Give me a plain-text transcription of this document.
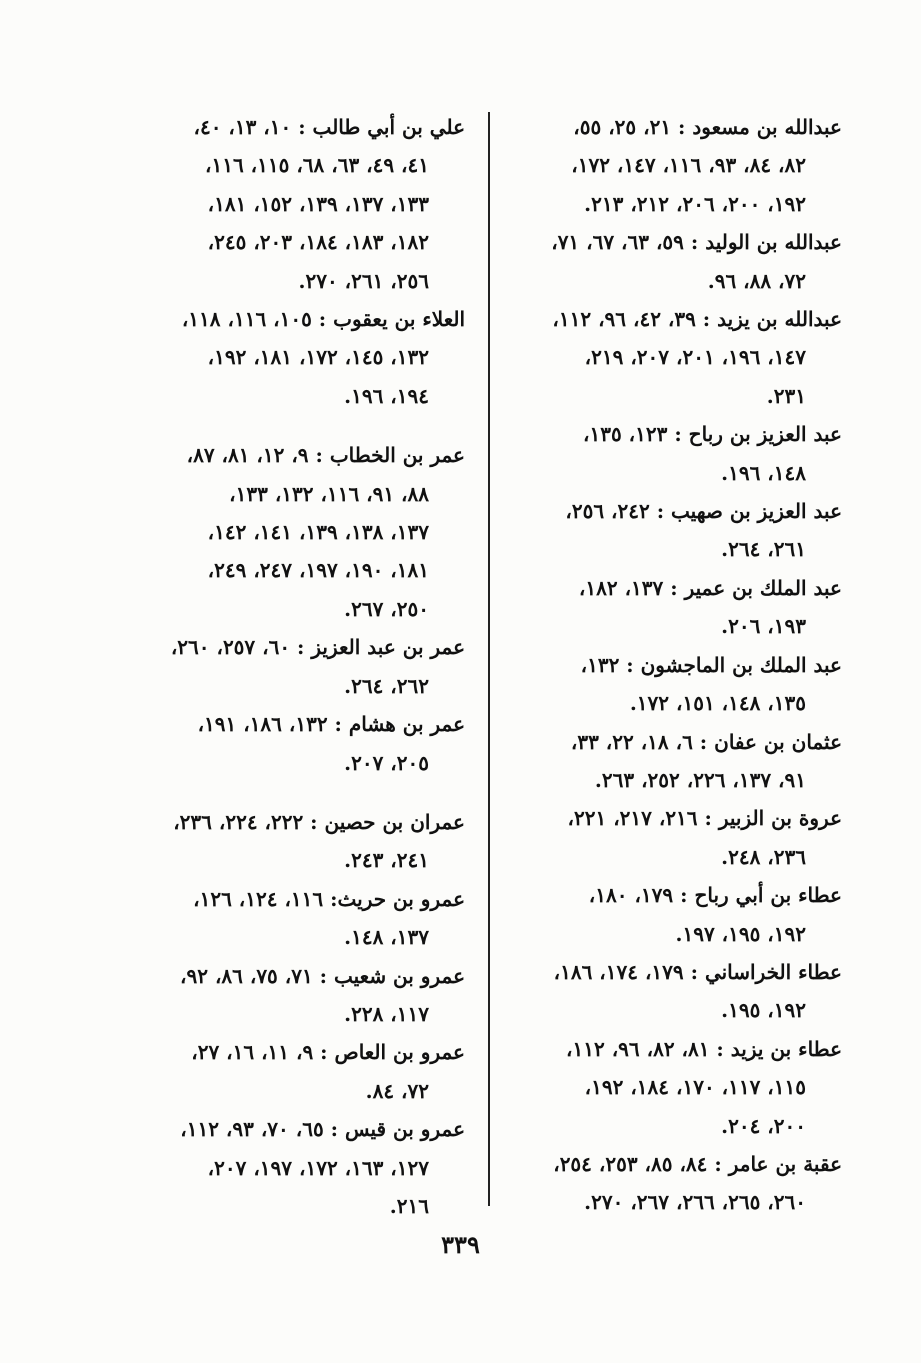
عبدالله بن مسعود : ٢١، ٢٥، ٥٥،
٨٢، ٨٤، ٩٣، ١١٦، ١٤٧، ١٧٢،
١٩٢، ٢٠٠، ٢٠٦، ٢١٢، ٢١٣.
عبدالله بن الوليد : ٥٩، ٦٣، ٦٧، ٧١،
٧٢، ٨٨، ٩٦.
عبدالله بن يزيد : ٣٩، ٤٢، ٩٦، ١١٢،
١٤٧، ١٩٦، ٢٠١، ٢٠٧، ٢١٩،
٢٣١.
عبد العزيز بن رباح : ١٢٣، ١٣٥،
١٤٨، ١٩٦.
عبد العزيز بن صهيب : ٢٤٢، ٢٥٦،
٢٦١، ٢٦٤.
عبد الملك بن عمير : ١٣٧، ١٨٢،
١٩٣، ٢٠٦.
عبد الملك بن الماجشون : ١٣٢،
١٣٥، ١٤٨، ١٥١، ١٧٢.
عثمان بن عفان : ٦، ١٨، ٢٢، ٣٣،
٩١، ١٣٧، ٢٢٦، ٢٥٢، ٢٦٣.
عروة بن الزبير : ٢١٦، ٢١٧، ٢٢١،
٢٣٦، ٢٤٨.
عطاء بن أبي رباح : ١٧٩، ١٨٠،
١٩٢، ١٩٥، ١٩٧.
عطاء الخراساني : ١٧٩، ١٧٤، ١٨٦،
١٩٢، ١٩٥.
عطاء بن يزيد : ٨١، ٨٢، ٩٦، ١١٢،
١١٥، ١١٧، ١٧٠، ١٨٤، ١٩٢،
٢٠٠، ٢٠٤.
عقبة بن عامر : ٨٤، ٨٥، ٢٥٣، ٢٥٤،
٢٦٠، ٢٦٥، ٢٦٦، ٢٦٧، ٢٧٠.
علي بن أبي طالب : ١٠، ١٣، ٤٠،
٤١، ٤٩، ٦٣، ٦٨، ١١٥، ١١٦،
١٣٣، ١٣٧، ١٣٩، ١٥٢، ١٨١،
١٨٢، ١٨٣، ١٨٤، ٢٠٣، ٢٤٥،
٢٥٦، ٢٦١، ٢٧٠.
العلاء بن يعقوب : ١٠٥، ١١٦، ١١٨،
١٣٢، ١٤٥، ١٧٢، ١٨١، ١٩٢،
١٩٤، ١٩٦.
عمر بن الخطاب : ٩، ١٢، ٨١، ٨٧،
٨٨، ٩١، ١١٦، ١٣٢، ١٣٣،
١٣٧، ١٣٨، ١٣٩، ١٤١، ١٤٢،
١٨١، ١٩٠، ١٩٧، ٢٤٧، ٢٤٩،
٢٥٠، ٢٦٧.
عمر بن عبد العزيز : ٦٠، ٢٥٧، ٢٦٠،
٢٦٢، ٢٦٤.
عمر بن هشام : ١٣٢، ١٨٦، ١٩١،
٢٠٥، ٢٠٧.
عمران بن حصين : ٢٢٢، ٢٢٤، ٢٣٦،
٢٤١، ٢٤٣.
عمرو بن حريث: ١١٦، ١٢٤، ١٢٦،
١٣٧، ١٤٨.
عمرو بن شعيب : ٧١، ٧٥، ٨٦، ٩٢،
١١٧، ٢٢٨.
عمرو بن العاص : ٩، ١١، ١٦، ٢٧،
٧٢، ٨٤.
عمرو بن قيس : ٦٥، ٧٠، ٩٣، ١١٢،
١٢٧، ١٦٣، ١٧٢، ١٩٧، ٢٠٧،
٢١٦.
٣٣٩
